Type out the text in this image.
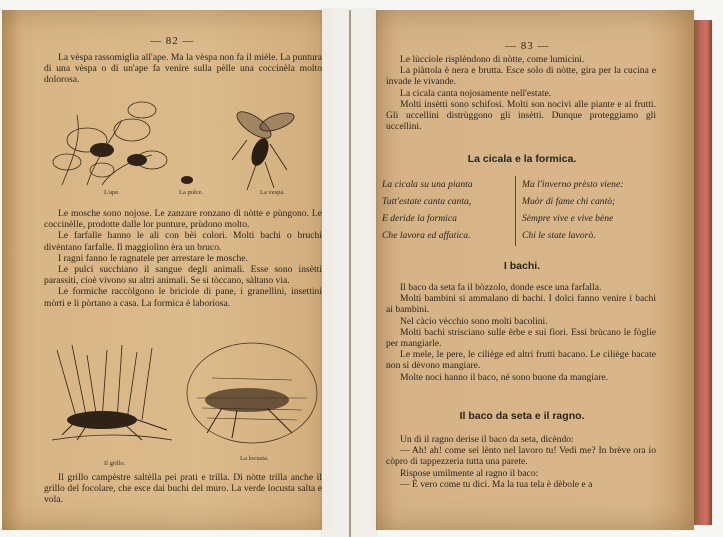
— 82 —

La vèspa rassomiglia all'ape. Ma la vèspa non fa il mièle. La puntura di una vèspa o di un'ape fa venire sulla pèlle una coccinèla molto dolorosa.

L'ape.	La pulce.	La vespa.

Le mosche sono nojose. Le zanzare ronzano di nòtte e pùngono. Le coccinèlle, prodotte dalle lor punture, prùdono molto.

Le farfalle hanno le ali con bèi colori. Molti bachi o bruchi divèntano farfalle. Il maggiolino èra un bruco.

I ragni fanno le ragnatele per arrestare le mosche.

Le pulci succhiano il sangue degli animali. Esse sono insètti parassiti, cioè vivono su altri animali. Se si tòccano, sàltano via.

Le formiche raccòlgono le briciole di pane, i granellini, insettini mòrti e li pòrtano a casa. La formica è laboriosa.

Il grillo.
La locusta.

Il grillo campèstre saltèlla pei prati e trilla. Di nòtte trilla anche il grillo del focolare, che esce dai buchi del muro. La verde locusta salta e vola.

— 83 —

Le lùcciole risplèndono di nòtte, come lumicini.

La piàttola è nera e brutta. Esce solo di nòtte, gira per la cucina e invade le vivande.

La cicala canta nojosamente nell'estate.

Molti insètti sono schifosi. Molti son nocivi alle piante e ai frutti. Gli uccellini distrùggono gli insètti. Dunque proteggiamo gli uccellini.

La cicala e la formica.
La cicala su una pianta
Tutt'estate canta canta,
E deride la formica
Che lavora ed affatica.
Ma l'inverno prèsto viene:
Muòr di fame chi cantò;
Sèmpre vive e vive bène
Chi le state lavorò.
I bachi.

Il baco da seta fa il bòzzolo, donde esce una farfalla.

Molti bambini si ammalano di bachi. I dolci fanno venire i bachi ai bambini.

Nel càcio vècchio sono molti bacolini.

Molti bachi strisciano sulle èrbe e sui fiori. Essi brùcano le fòglie per mangiarle.

Le mele, le pere, le ciliège ed altri frutti bacano. Le ciliège bacate non si dèvono mangiare.

Molte noci hanno il baco, né sono buone da mangiare.

Il baco da seta e il ragno.

Un dì il ragno derise il baco da seta, dicèndo:

— Ah! ah! come sei lènto nel lavoro tu! Vedi me? In brève ora io còpro di tappezzeria tutta una parete.

Rispose umilmente al ragno il baco:

— È vero come tu dici. Ma la tua tela è dèbole e a
